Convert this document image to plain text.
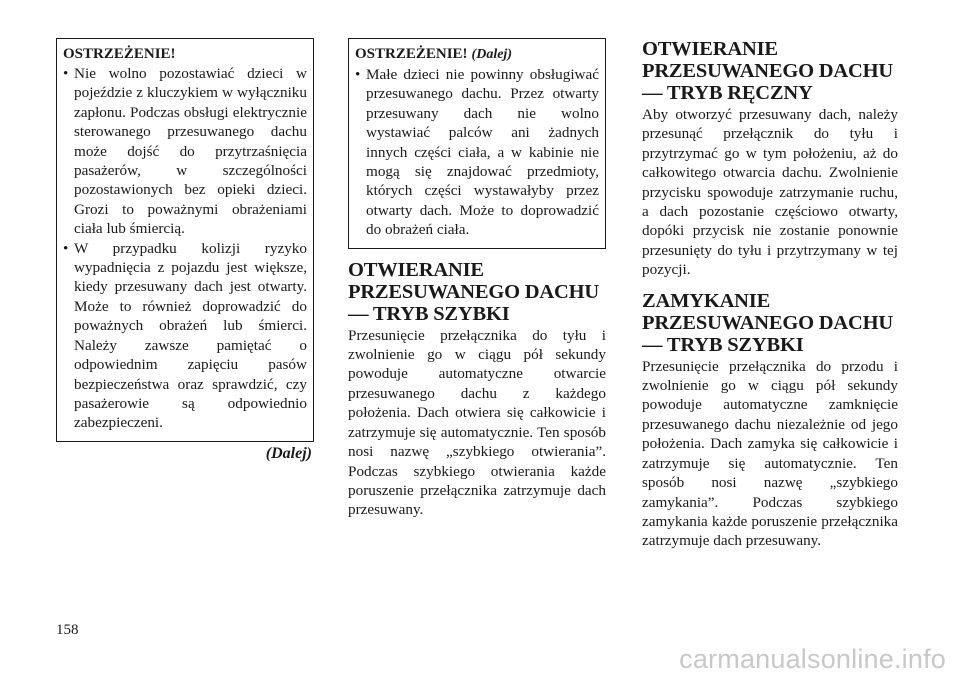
OSTRZEŻENIE!
• Nie wolno pozostawiać dzieci w pojeździe z kluczykiem w wyłączniku zapłonu. Podczas obsługi elektrycznie sterowanego przesuwanego dachu może dojść do przytrzaśnięcia pasażerów, w szczególności pozostawionych bez opieki dzieci. Grozi to poważnymi obrażeniami ciała lub śmiercią.
• W przypadku kolizji ryzyko wypadnięcia z pojazdu jest większe, kiedy przesuwany dach jest otwarty. Może to również doprowadzić do poważnych obrażeń lub śmierci. Należy zawsze pamiętać o odpowiednim zapięciu pasów bezpieczeństwa oraz sprawdzić, czy pasażerowie są odpowiednio zabezpieczeni.
(Dalej)
OSTRZEŻENIE! (Dalej)
• Małe dzieci nie powinny obsługiwać przesuwanego dachu. Przez otwarty przesuwany dach nie wolno wystawiać palców ani żadnych innych części ciała, a w kabinie nie mogą się znajdować przedmioty, których części wystawałyby przez otwarty dach. Może to doprowadzić do obrażeń ciała.
OTWIERANIE PRZESUWANEGO DACHU — TRYB SZYBKI

Przesunięcie przełącznika do tyłu i zwolnienie go w ciągu pół sekundy powoduje automatyczne otwarcie przesuwanego dachu z każdego położenia. Dach otwiera się całkowicie i zatrzymuje się automatycznie. Ten sposób nosi nazwę „szybkiego otwierania”. Podczas szybkiego otwierania każde poruszenie przełącznika zatrzymuje dach przesuwany.

OTWIERANIE PRZESUWANEGO DACHU — TRYB RĘCZNY

Aby otworzyć przesuwany dach, należy przesunąć przełącznik do tyłu i przytrzymać go w tym położeniu, aż do całkowitego otwarcia dachu. Zwolnienie przycisku spowoduje zatrzymanie ruchu, a dach pozostanie częściowo otwarty, dopóki przycisk nie zostanie ponownie przesunięty do tyłu i przytrzymany w tej pozycji.

ZAMYKANIE PRZESUWANEGO DACHU — TRYB SZYBKI

Przesunięcie przełącznika do przodu i zwolnienie go w ciągu pół sekundy powoduje automatyczne zamknięcie przesuwanego dachu niezależnie od jego położenia. Dach zamyka się całkowicie i zatrzymuje się automatycznie. Ten sposób nosi nazwę „szybkiego zamykania”. Podczas szybkiego zamykania każde poruszenie przełącznika zatrzymuje dach przesuwany.

158
carmanualsonline.info
